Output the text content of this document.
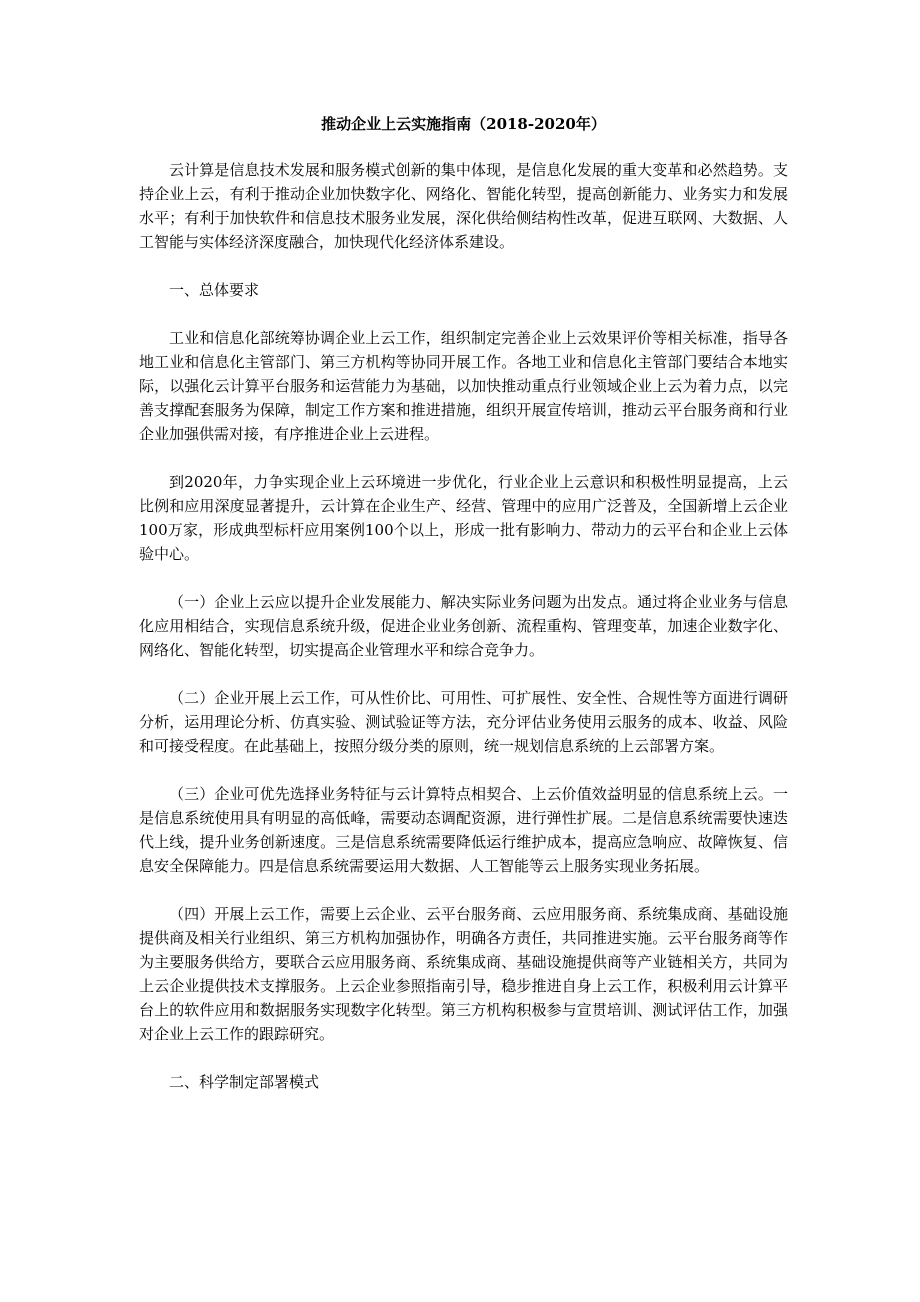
推动企业上云实施指南（2018-2020年）
云计算是信息技术发展和服务模式创新的集中体现，是信息化发展的重大变革和必然趋势。支持企业上云，有利于推动企业加快数字化、网络化、智能化转型，提高创新能力、业务实力和发展水平；有利于加快软件和信息技术服务业发展，深化供给侧结构性改革，促进互联网、大数据、人工智能与实体经济深度融合，加快现代化经济体系建设。
一、总体要求
工业和信息化部统筹协调企业上云工作，组织制定完善企业上云效果评价等相关标准，指导各地工业和信息化主管部门、第三方机构等协同开展工作。各地工业和信息化主管部门要结合本地实际，以强化云计算平台服务和运营能力为基础，以加快推动重点行业领域企业上云为着力点，以完善支撑配套服务为保障，制定工作方案和推进措施，组织开展宣传培训，推动云平台服务商和行业企业加强供需对接，有序推进企业上云进程。
到2020年，力争实现企业上云环境进一步优化，行业企业上云意识和积极性明显提高，上云比例和应用深度显著提升，云计算在企业生产、经营、管理中的应用广泛普及，全国新增上云企业100万家，形成典型标杆应用案例100个以上，形成一批有影响力、带动力的云平台和企业上云体验中心。
（一）企业上云应以提升企业发展能力、解决实际业务问题为出发点。通过将企业业务与信息化应用相结合，实现信息系统升级，促进企业业务创新、流程重构、管理变革，加速企业数字化、网络化、智能化转型，切实提高企业管理水平和综合竞争力。
（二）企业开展上云工作，可从性价比、可用性、可扩展性、安全性、合规性等方面进行调研分析，运用理论分析、仿真实验、测试验证等方法，充分评估业务使用云服务的成本、收益、风险和可接受程度。在此基础上，按照分级分类的原则，统一规划信息系统的上云部署方案。
（三）企业可优先选择业务特征与云计算特点相契合、上云价值效益明显的信息系统上云。一是信息系统使用具有明显的高低峰，需要动态调配资源，进行弹性扩展。二是信息系统需要快速迭代上线，提升业务创新速度。三是信息系统需要降低运行维护成本，提高应急响应、故障恢复、信息安全保障能力。四是信息系统需要运用大数据、人工智能等云上服务实现业务拓展。
（四）开展上云工作，需要上云企业、云平台服务商、云应用服务商、系统集成商、基础设施提供商及相关行业组织、第三方机构加强协作，明确各方责任，共同推进实施。云平台服务商等作为主要服务供给方，要联合云应用服务商、系统集成商、基础设施提供商等产业链相关方，共同为上云企业提供技术支撑服务。上云企业参照指南引导，稳步推进自身上云工作，积极利用云计算平台上的软件应用和数据服务实现数字化转型。第三方机构积极参与宣贯培训、测试评估工作，加强对企业上云工作的跟踪研究。
二、科学制定部署模式
